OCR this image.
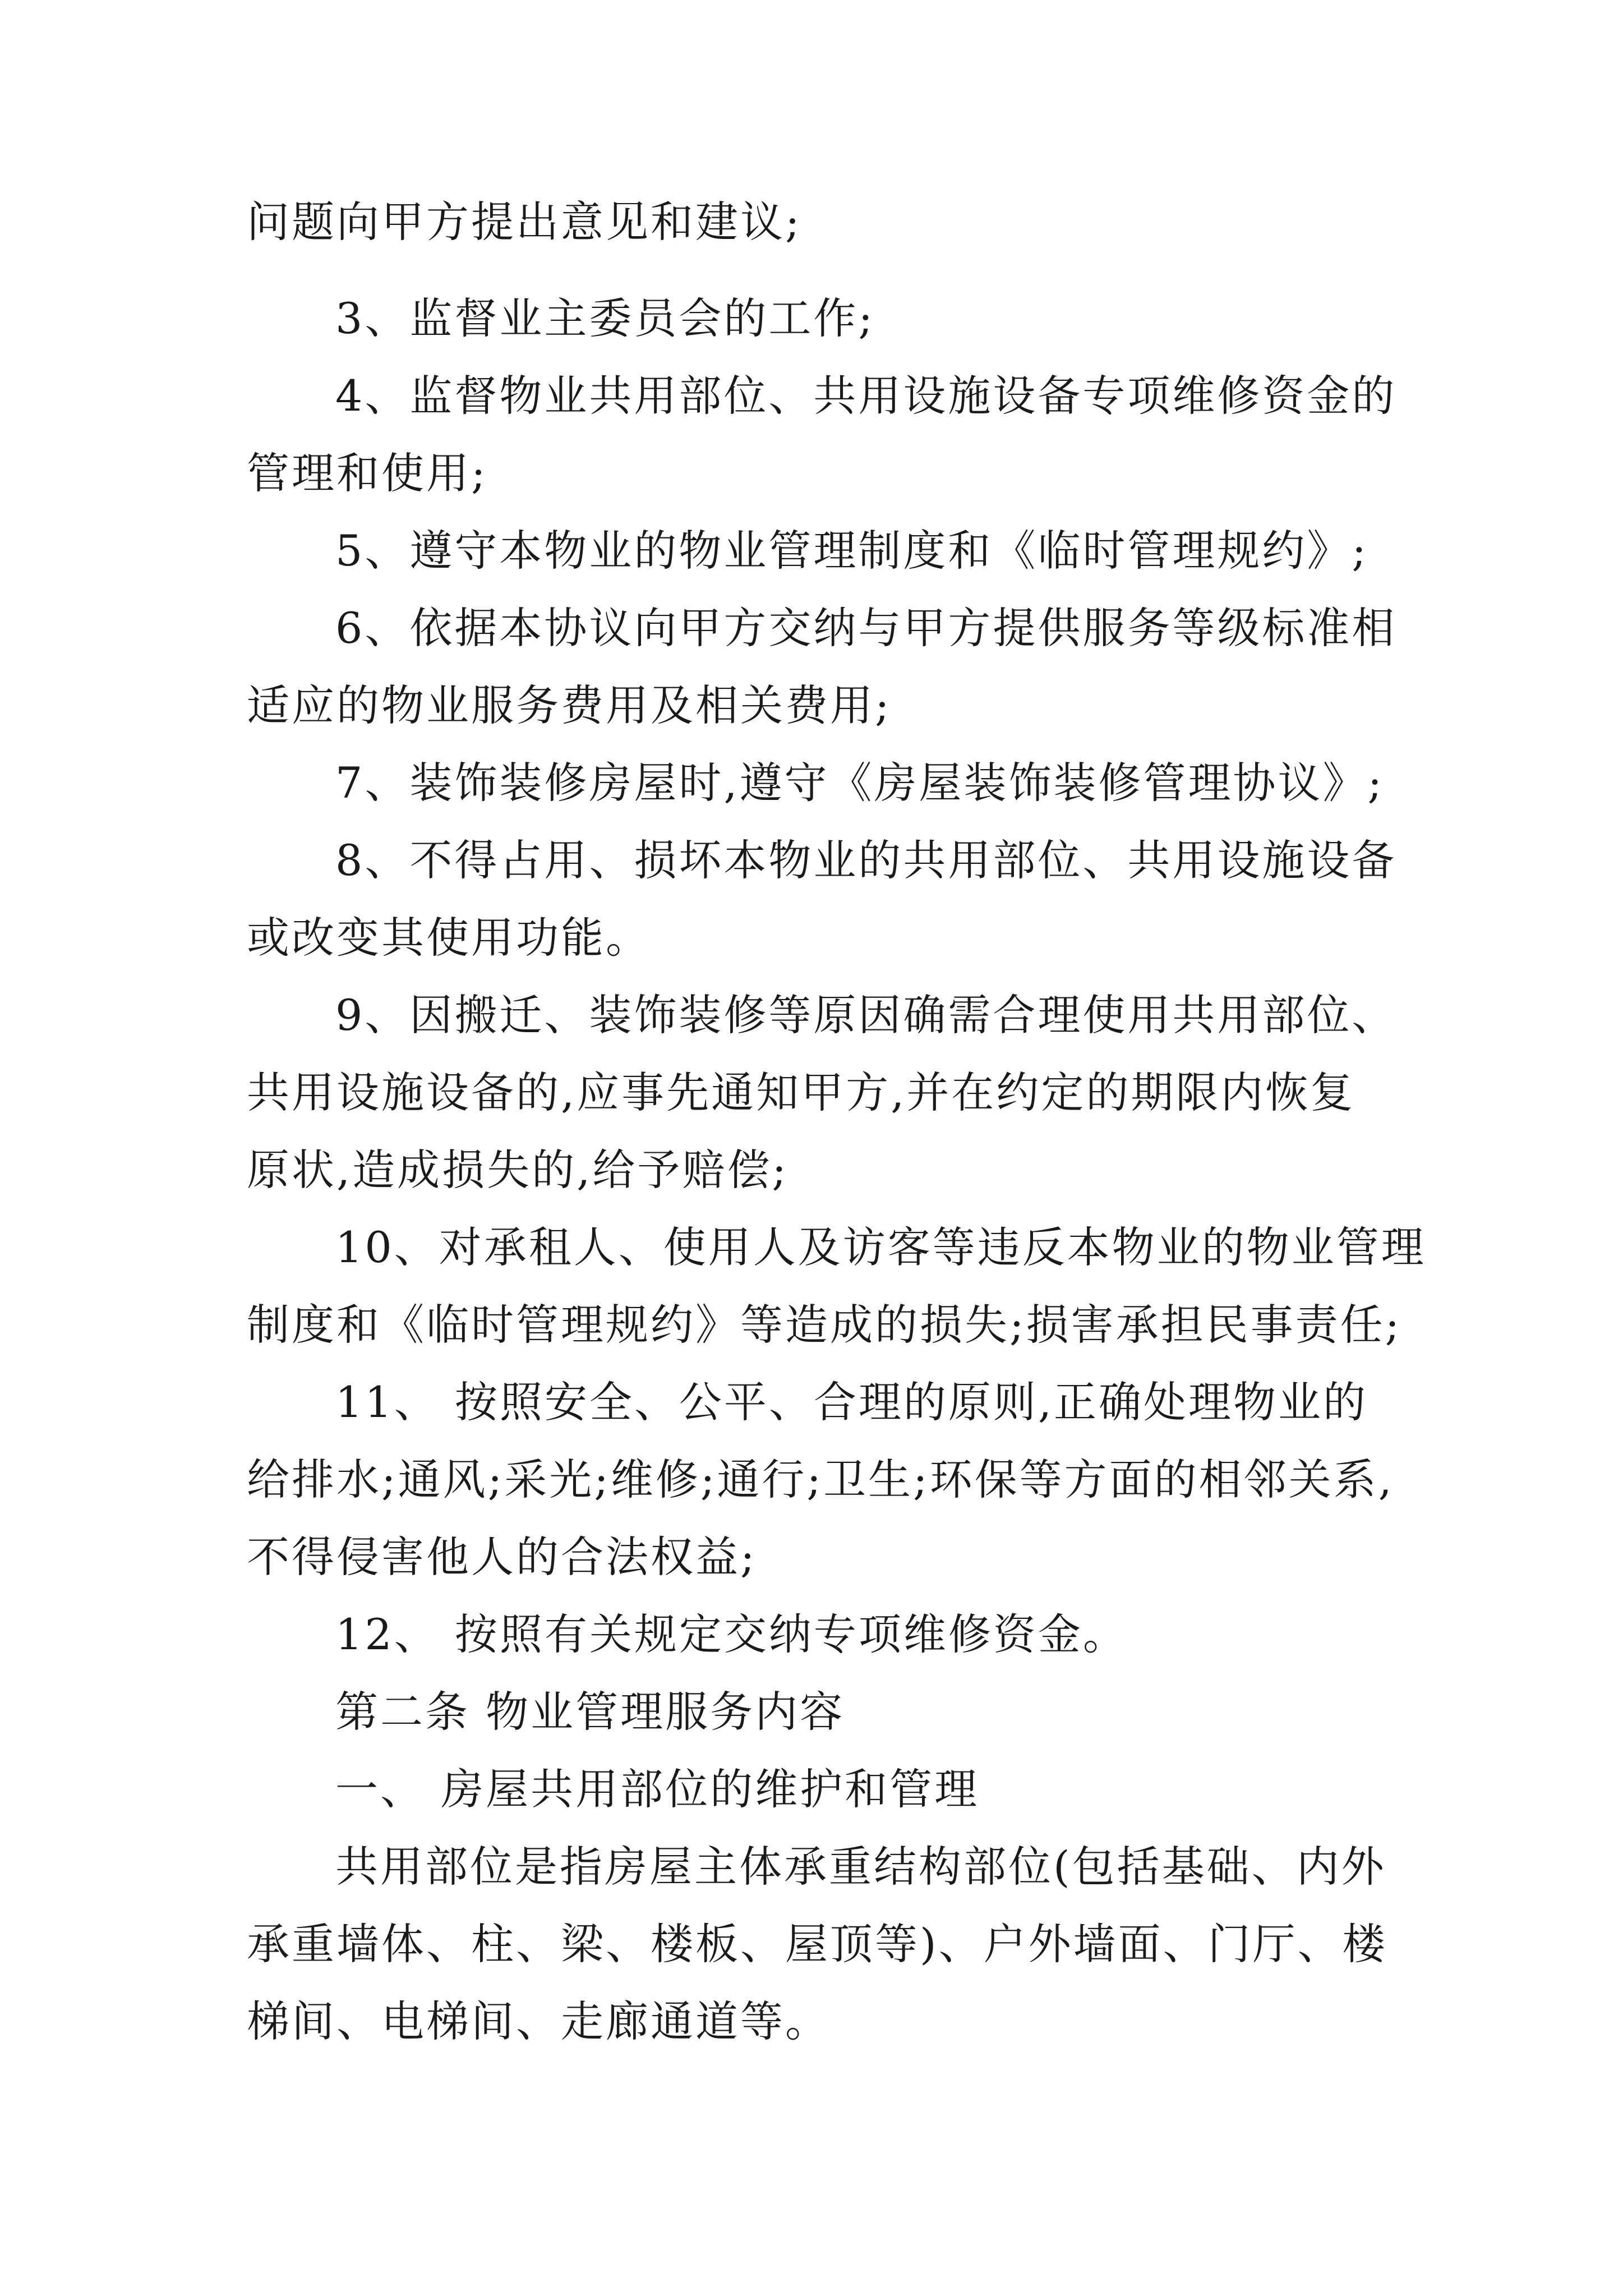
问题向甲方提出意见和建议;
3、监督业主委员会的工作;
4、监督物业共用部位、共用设施设备专项维修资金的
管理和使用;
5、遵守本物业的物业管理制度和《临时管理规约》;
6、依据本协议向甲方交纳与甲方提供服务等级标准相
适应的物业服务费用及相关费用;
7、装饰装修房屋时,遵守《房屋装饰装修管理协议》;
8、不得占用、损坏本物业的共用部位、共用设施设备
或改变其使用功能。
9、因搬迁、装饰装修等原因确需合理使用共用部位、
共用设施设备的,应事先通知甲方,并在约定的期限内恢复
原状,造成损失的,给予赔偿;
10、对承租人、使用人及访客等违反本物业的物业管理
制度和《临时管理规约》等造成的损失;损害承担民事责任;
11、 按照安全、公平、合理的原则,正确处理物业的
给排水;通风;采光;维修;通行;卫生;环保等方面的相邻关系,
不得侵害他人的合法权益;
12、 按照有关规定交纳专项维修资金。
第二条 物业管理服务内容
一、 房屋共用部位的维护和管理
共用部位是指房屋主体承重结构部位(包括基础、内外
承重墙体、柱、梁、楼板、屋顶等)、户外墙面、门厅、楼
梯间、电梯间、走廊通道等。
